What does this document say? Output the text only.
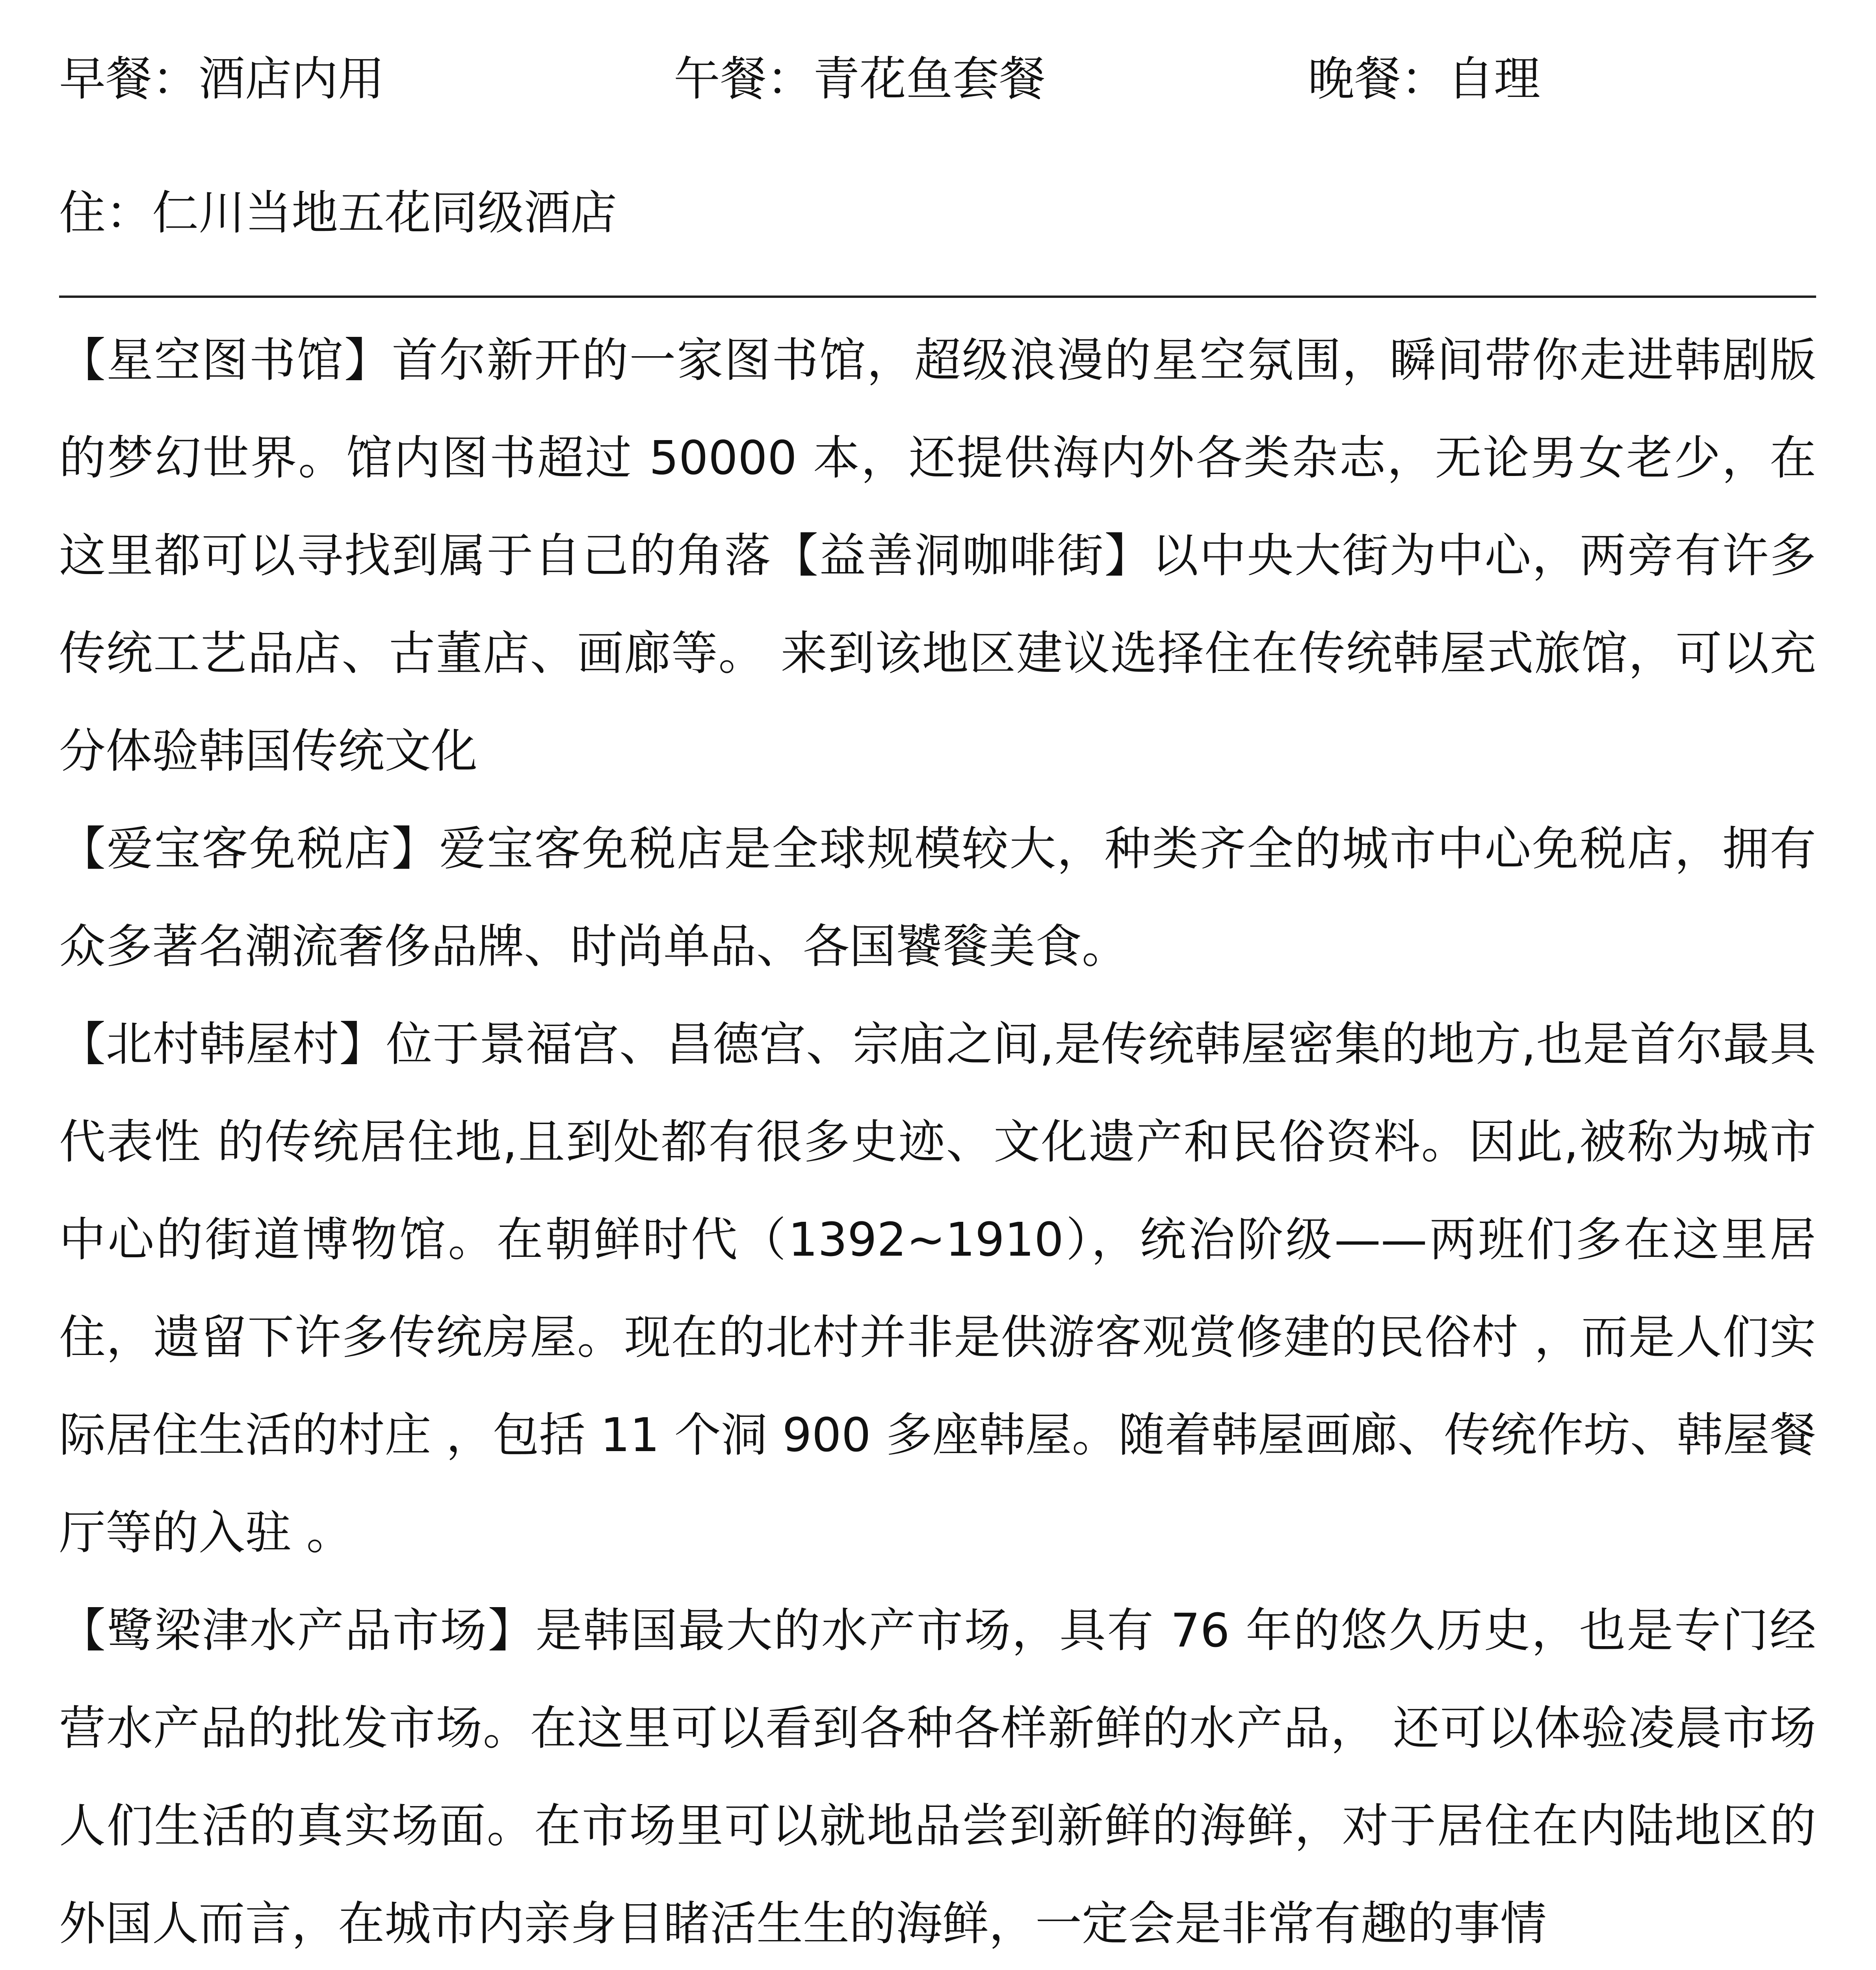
早餐：酒店内用	午餐：青花鱼套餐	晚餐：自理
住：仁川当地五花同级酒店

【星空图书馆】首尔新开的一家图书馆，超级浪漫的星空氛围，瞬间带你走进韩剧版的梦幻世界。馆内图书超过 50000 本，还提供海内外各类杂志，无论男女老少，在这里都可以寻找到属于自己的角落【益善洞咖啡街】以中央大街为中心，两旁有许多传统工艺品店、古董店、画廊等。 来到该地区建议选择住在传统韩屋式旅馆，可以充分体验韩国传统文化

【爱宝客免税店】爱宝客免税店是全球规模较大，种类齐全的城市中心免税店，拥有众多著名潮流奢侈品牌、时尚单品、各国饕餮美食。

【北村韩屋村】位于景福宫、昌德宫、宗庙之间,是传统韩屋密集的地方,也是首尔最具代表性 的传统居住地,且到处都有很多史迹、文化遗产和民俗资料。因此,被称为城市中心的街道博物馆。在朝鲜时代（1392~1910），统治阶级——两班们多在这里居住，遗留下许多传统房屋。现在的北村并非是供游客观赏修建的民俗村 ，而是人们实际居住生活的村庄 ，包括 11 个洞 900 多座韩屋。随着韩屋画廊、传统作坊、韩屋餐厅等的入驻 。

【鹭梁津水产品市场】是韩国最大的水产市场，具有 76 年的悠久历史，也是专门经营水产品的批发市场。在这里可以看到各种各样新鲜的水产品， 还可以体验凌晨市场人们生活的真实场面。在市场里可以就地品尝到新鲜的海鲜，对于居住在内陆地区的外国人而言，在城市内亲身目睹活生生的海鲜，一定会是非常有趣的事情
